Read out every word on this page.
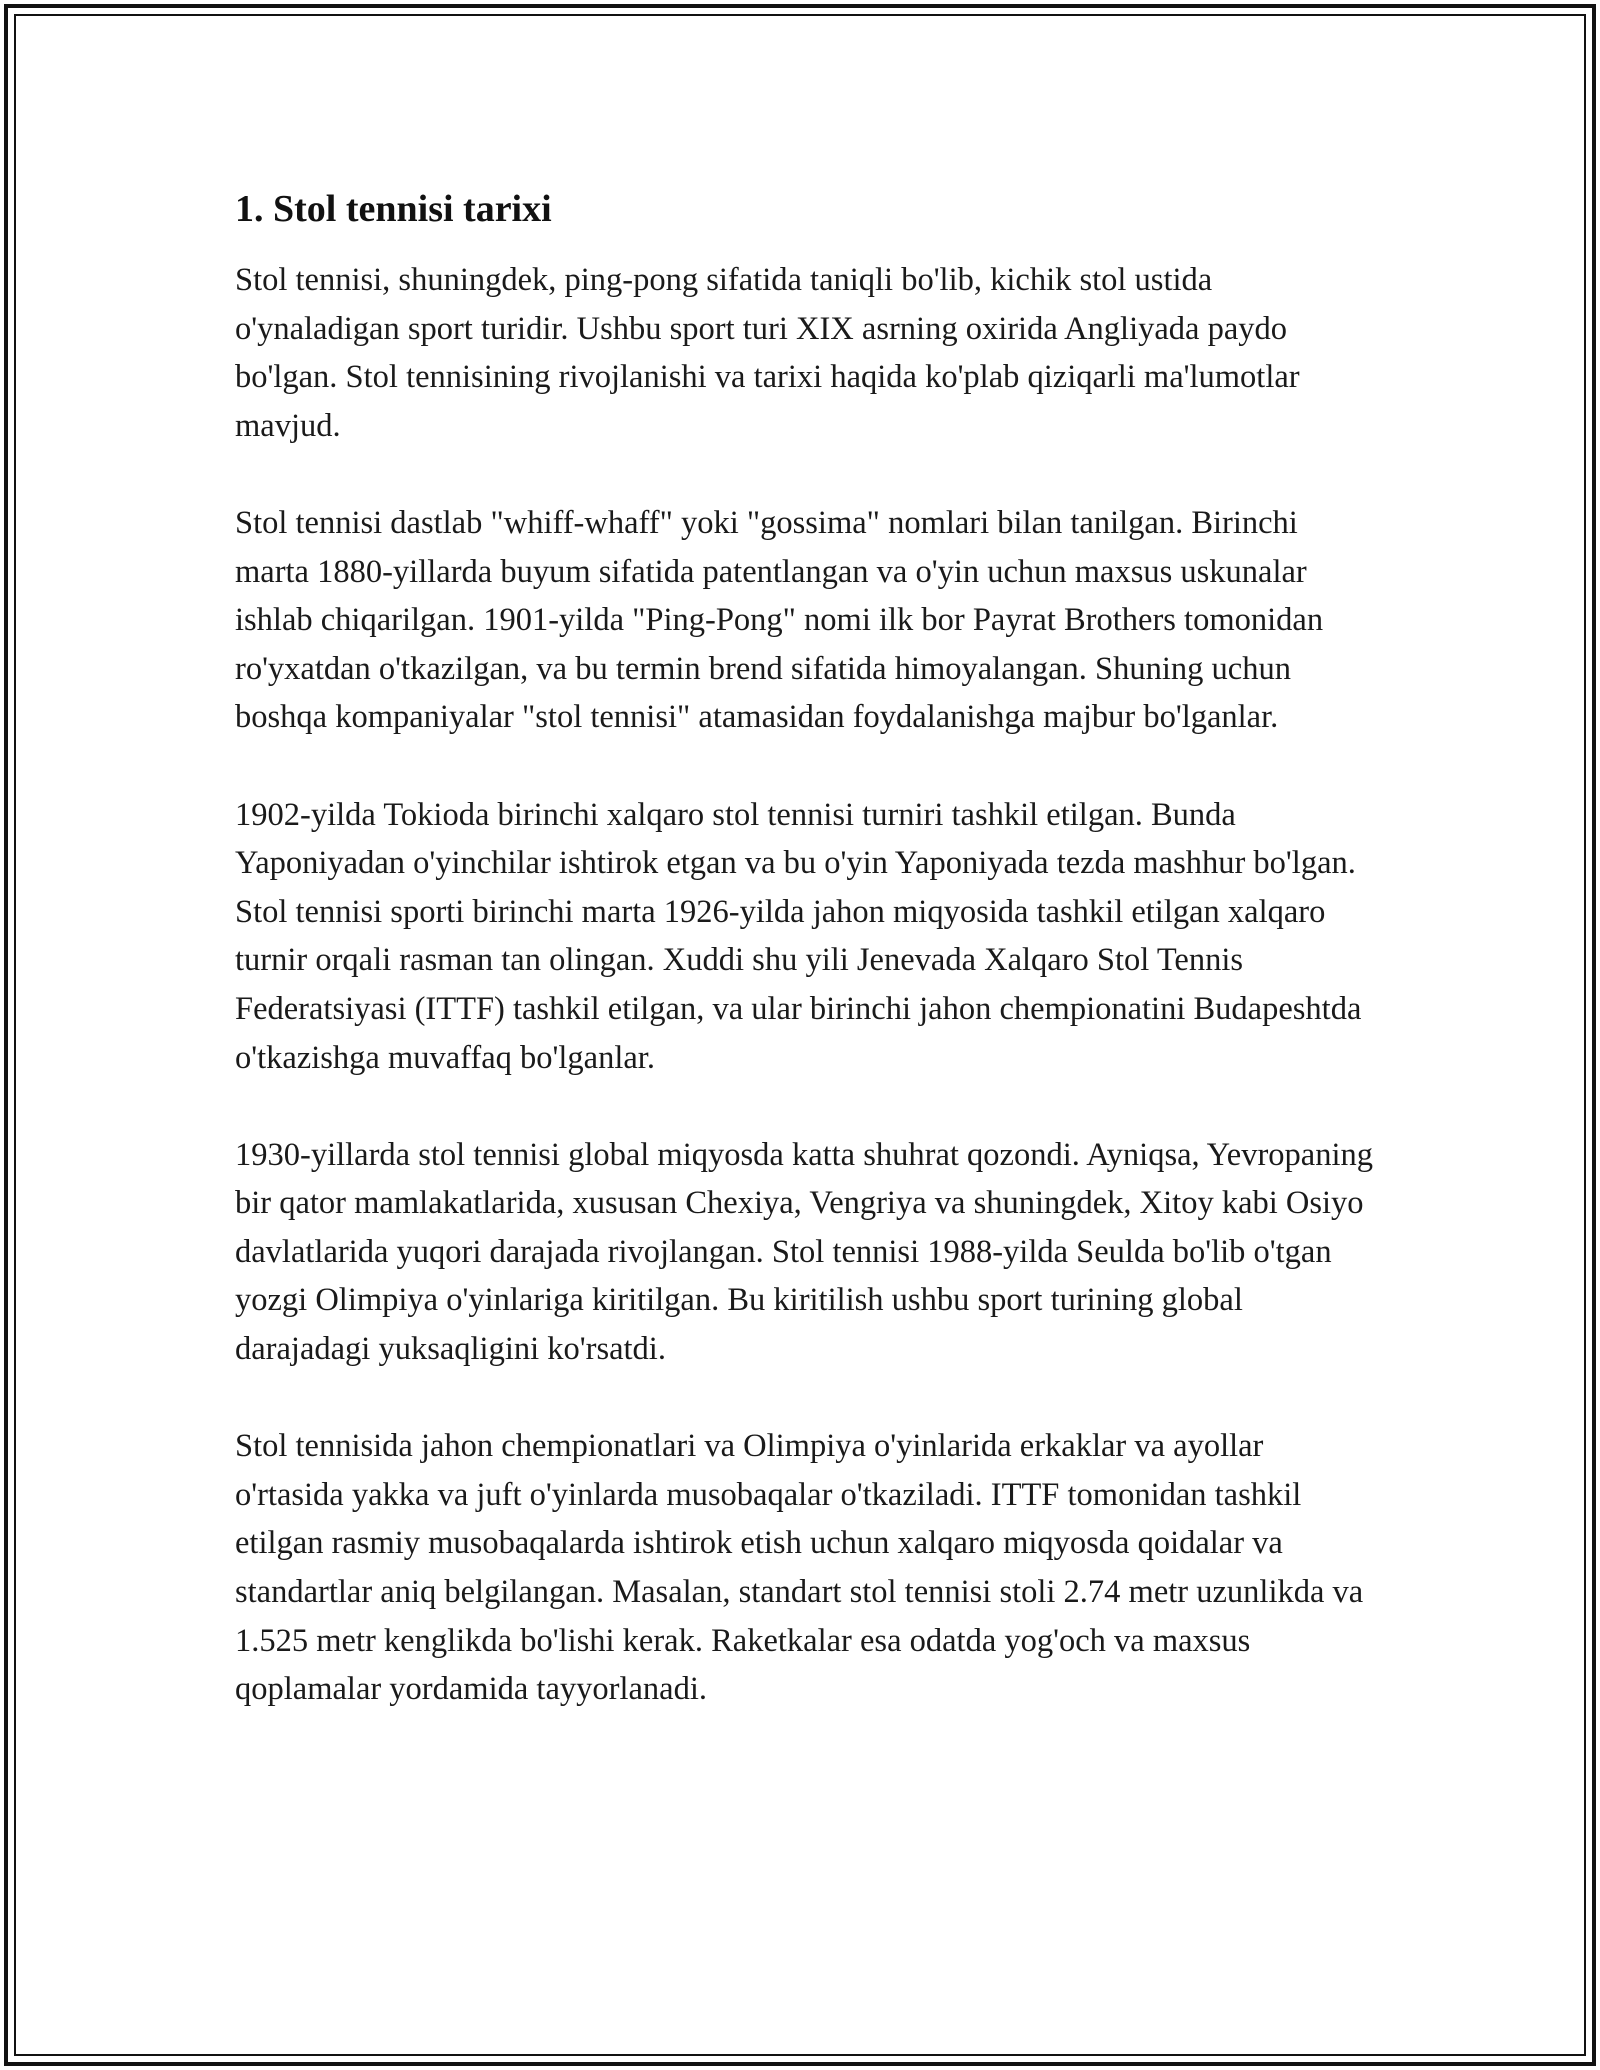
1. Stol tennisi tarixi

Stol tennisi, shuningdek, ping-pong sifatida taniqli bo'lib, kichik stol ustida o'ynaladigan sport turidir. Ushbu sport turi XIX asrning oxirida Angliyada paydo bo'lgan. Stol tennisining rivojlanishi va tarixi haqida ko'plab qiziqarli ma'lumotlar mavjud.

Stol tennisi dastlab "whiff-whaff" yoki "gossima" nomlari bilan tanilgan. Birinchi marta 1880-yillarda buyum sifatida patentlangan va o'yin uchun maxsus uskunalar ishlab chiqarilgan. 1901-yilda "Ping-Pong" nomi ilk bor Payrat Brothers tomonidan ro'yxatdan o'tkazilgan, va bu termin brend sifatida himoyalangan. Shuning uchun boshqa kompaniyalar "stol tennisi" atamasidan foydalanishga majbur bo'lganlar.

1902-yilda Tokioda birinchi xalqaro stol tennisi turniri tashkil etilgan. Bunda Yaponiyadan o'yinchilar ishtirok etgan va bu o'yin Yaponiyada tezda mashhur bo'lgan. Stol tennisi sporti birinchi marta 1926-yilda jahon miqyosida tashkil etilgan xalqaro turnir orqali rasman tan olingan. Xuddi shu yili Jenevada Xalqaro Stol Tennis Federatsiyasi (ITTF) tashkil etilgan, va ular birinchi jahon chempionatini Budapeshtda o'tkazishga muvaffaq bo'lganlar.

1930-yillarda stol tennisi global miqyosda katta shuhrat qozondi. Ayniqsa, Yevropaning bir qator mamlakatlarida, xususan Chexiya, Vengriya va shuningdek, Xitoy kabi Osiyo davlatlarida yuqori darajada rivojlangan. Stol tennisi 1988-yilda Seulda bo'lib o'tgan yozgi Olimpiya o'yinlariga kiritilgan. Bu kiritilish ushbu sport turining global darajadagi yuksaqligini ko'rsatdi.

Stol tennisida jahon chempionatlari va Olimpiya o'yinlarida erkaklar va ayollar o'rtasida yakka va juft o'yinlarda musobaqalar o'tkaziladi. ITTF tomonidan tashkil etilgan rasmiy musobaqalarda ishtirok etish uchun xalqaro miqyosda qoidalar va standartlar aniq belgilangan. Masalan, standart stol tennisi stoli 2.74 metr uzunlikda va 1.525 metr kenglikda bo'lishi kerak. Raketkalar esa odatda yog'och va maxsus qoplamalar yordamida tayyorlanadi.
